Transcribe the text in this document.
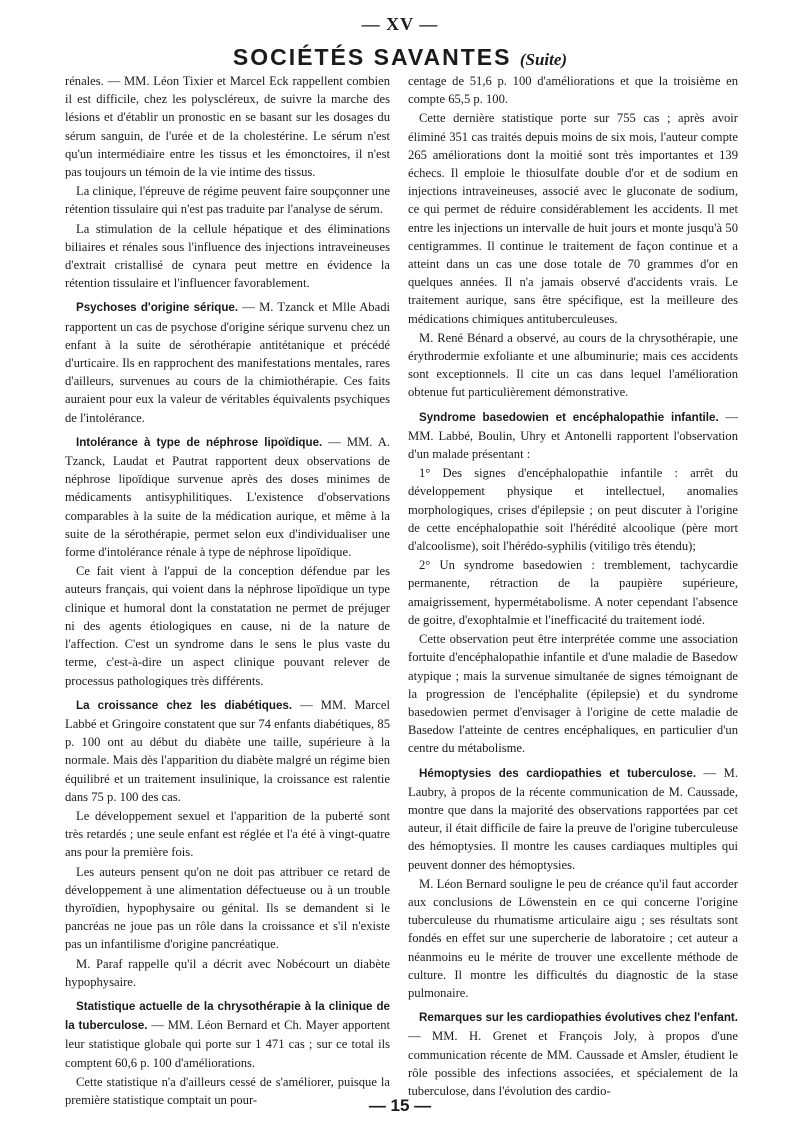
— XV —
SOCIÉTÉS SAVANTES (Suite)

rénales. — MM. Léon Tixier et Marcel Eck rappellent combien il est difficile, chez les polyscléreux, de suivre la marche des lésions et d'établir un pronostic en se basant sur les dosages du sérum sanguin, de l'urée et de la cholestérine. Le sérum n'est qu'un intermédiaire entre les tissus et les émonctoires, il n'est pas toujours un témoin de la vie intime des tissus.

La clinique, l'épreuve de régime peuvent faire soupçonner une rétention tissulaire qui n'est pas traduite par l'analyse de sérum.

La stimulation de la cellule hépatique et des éliminations biliaires et rénales sous l'influence des injections intraveineuses d'extrait cristallisé de cynara peut mettre en évidence la rétention tissulaire et l'influencer favorablement.

Psychoses d'origine sérique. — M. Tzanck et Mlle Abadi rapportent un cas de psychose d'origine sérique survenu chez un enfant à la suite de sérothérapie antitétanique et précédé d'urticaire. Ils en rapprochent des manifestations mentales, rares d'ailleurs, survenues au cours de la chimiothérapie. Ces faits auraient pour eux la valeur de véritables équivalents psychiques de l'intolérance.

Intolérance à type de néphrose lipoïdique. — MM. A. Tzanck, Laudat et Pautrat rapportent deux observations de néphrose lipoïdique survenue après des doses minimes de médicaments antisyphilitiques. L'existence d'observations comparables à la suite de la médication aurique, et même à la suite de la sérothérapie, permet selon eux d'individualiser une forme d'intolérance rénale à type de néphrose lipoïdique.

Ce fait vient à l'appui de la conception défendue par les auteurs français, qui voient dans la néphrose lipoïdique un type clinique et humoral dont la constatation ne permet de préjuger ni des agents étiologiques en cause, ni de la nature de l'affection. C'est un syndrome dans le sens le plus vaste du terme, c'est-à-dire un aspect clinique pouvant relever de processus pathologiques très différents.

La croissance chez les diabétiques. — MM. Marcel Labbé et Gringoire constatent que sur 74 enfants diabétiques, 85 p. 100 ont au début du diabète une taille, supérieure à la normale. Mais dès l'apparition du diabète malgré un régime bien équilibré et un traitement insulinique, la croissance est ralentie dans 75 p. 100 des cas.

Le développement sexuel et l'apparition de la puberté sont très retardés ; une seule enfant est réglée et l'a été à vingt-quatre ans pour la première fois.

Les auteurs pensent qu'on ne doit pas attribuer ce retard de développement à une alimentation défectueuse ou à un trouble thyroïdien, hypophysaire ou génital. Ils se demandent si le pancréas ne joue pas un rôle dans la croissance et s'il n'existe pas un infantilisme d'origine pancréatique.

M. Paraf rappelle qu'il a décrit avec Nobécourt un diabète hypophysaire.

Statistique actuelle de la chrysothérapie à la clinique de la tuberculose. — MM. Léon Bernard et Ch. Mayer apportent leur statistique globale qui porte sur 1 471 cas ; sur ce total ils comptent 60,6 p. 100 d'améliorations.

Cette statistique n'a d'ailleurs cessé de s'améliorer, puisque la première statistique comptait un pour-

centage de 51,6 p. 100 d'améliorations et que la troisième en compte 65,5 p. 100.

Cette dernière statistique porte sur 755 cas ; après avoir éliminé 351 cas traités depuis moins de six mois, l'auteur compte 265 améliorations dont la moitié sont très importantes et 139 échecs. Il emploie le thiosulfate double d'or et de sodium en injections intraveineuses, associé avec le gluconate de sodium, ce qui permet de réduire considérablement les accidents. Il met entre les injections un intervalle de huit jours et monte jusqu'à 50 centigrammes. Il continue le traitement de façon continue et a atteint dans un cas une dose totale de 70 grammes d'or en quelques années. Il n'a jamais observé d'accidents vrais. Le traitement aurique, sans être spécifique, est la meilleure des médications chimiques antituberculeuses.

M. René Bénard a observé, au cours de la chrysothérapie, une érythrodermie exfoliante et une albuminurie; mais ces accidents sont exceptionnels. Il cite un cas dans lequel l'amélioration obtenue fut particulièrement démonstrative.

Syndrome basedowien et encéphalopathie infantile. — MM. Labbé, Boulin, Uhry et Antonelli rapportent l'observation d'un malade présentant :

1° Des signes d'encéphalopathie infantile : arrêt du développement physique et intellectuel, anomalies morphologiques, crises d'épilepsie ; on peut discuter à l'origine de cette encéphalopathie soit l'hérédité alcoolique (père mort d'alcoolisme), soit l'hérédo-syphilis (vitiligo très étendu);

2° Un syndrome basedowien : tremblement, tachycardie permanente, rétraction de la paupière supérieure, amaigrissement, hypermétabolisme. A noter cependant l'absence de goitre, d'exophtalmie et l'inefficacité du traitement iodé.

Cette observation peut être interprétée comme une association fortuite d'encéphalopathie infantile et d'une maladie de Basedow atypique ; mais la survenue simultanée de signes témoignant de la progression de l'encéphalite (épilepsie) et du syndrome basedowien permet d'envisager à l'origine de cette maladie de Basedow l'atteinte de centres encéphaliques, en particulier d'un centre du métabolisme.

Hémoptysies des cardiopathies et tuberculose. — M. Laubry, à propos de la récente communication de M. Caussade, montre que dans la majorité des observations rapportées par cet auteur, il était difficile de faire la preuve de l'origine tuberculeuse des hémoptysies. Il montre les causes cardiaques multiples qui peuvent donner des hémoptysies.

M. Léon Bernard souligne le peu de créance qu'il faut accorder aux conclusions de Löwenstein en ce qui concerne l'origine tuberculeuse du rhumatisme articulaire aigu ; ses résultats sont fondés en effet sur une supercherie de laboratoire ; cet auteur a néanmoins eu le mérite de trouver une excellente méthode de culture. Il montre les difficultés du diagnostic de la stase pulmonaire.

Remarques sur les cardiopathies évolutives chez l'enfant. — MM. H. Grenet et François Joly, à propos d'une communication récente de MM. Caussade et Amsler, étudient le rôle possible des infections associées, et spécialement de la tuberculose, dans l'évolution des cardio-

— 15 —
